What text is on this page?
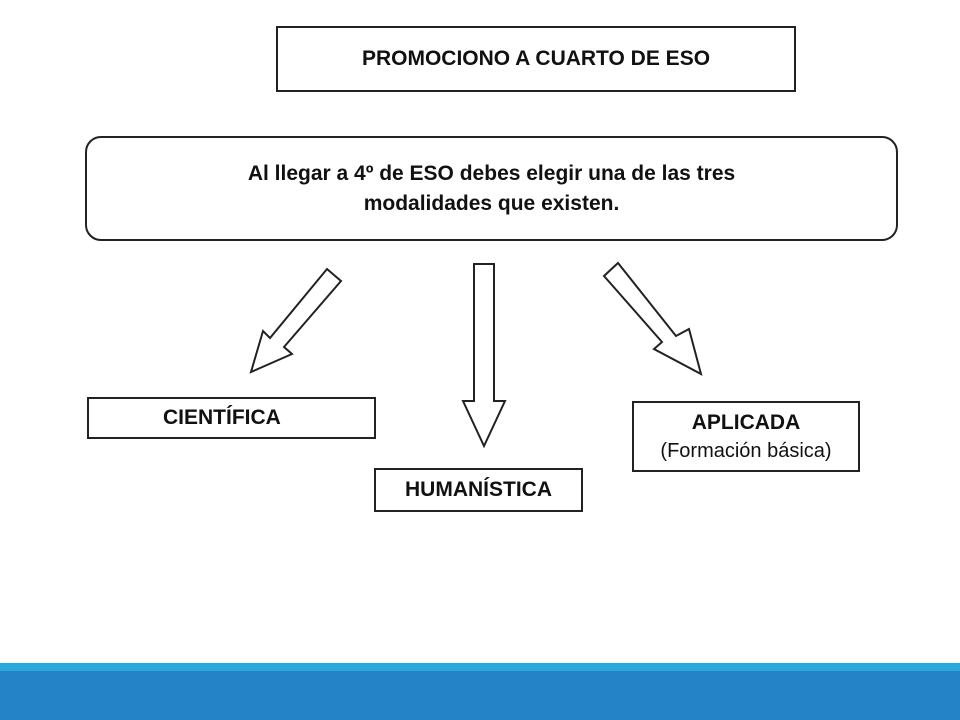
PROMOCIONO A CUARTO DE ESO
Al llegar a 4º de ESO debes elegir una de las tres
modalidades que existen.
CIENTÍFICA
HUMANÍSTICA
APLICADA
(Formación básica)
